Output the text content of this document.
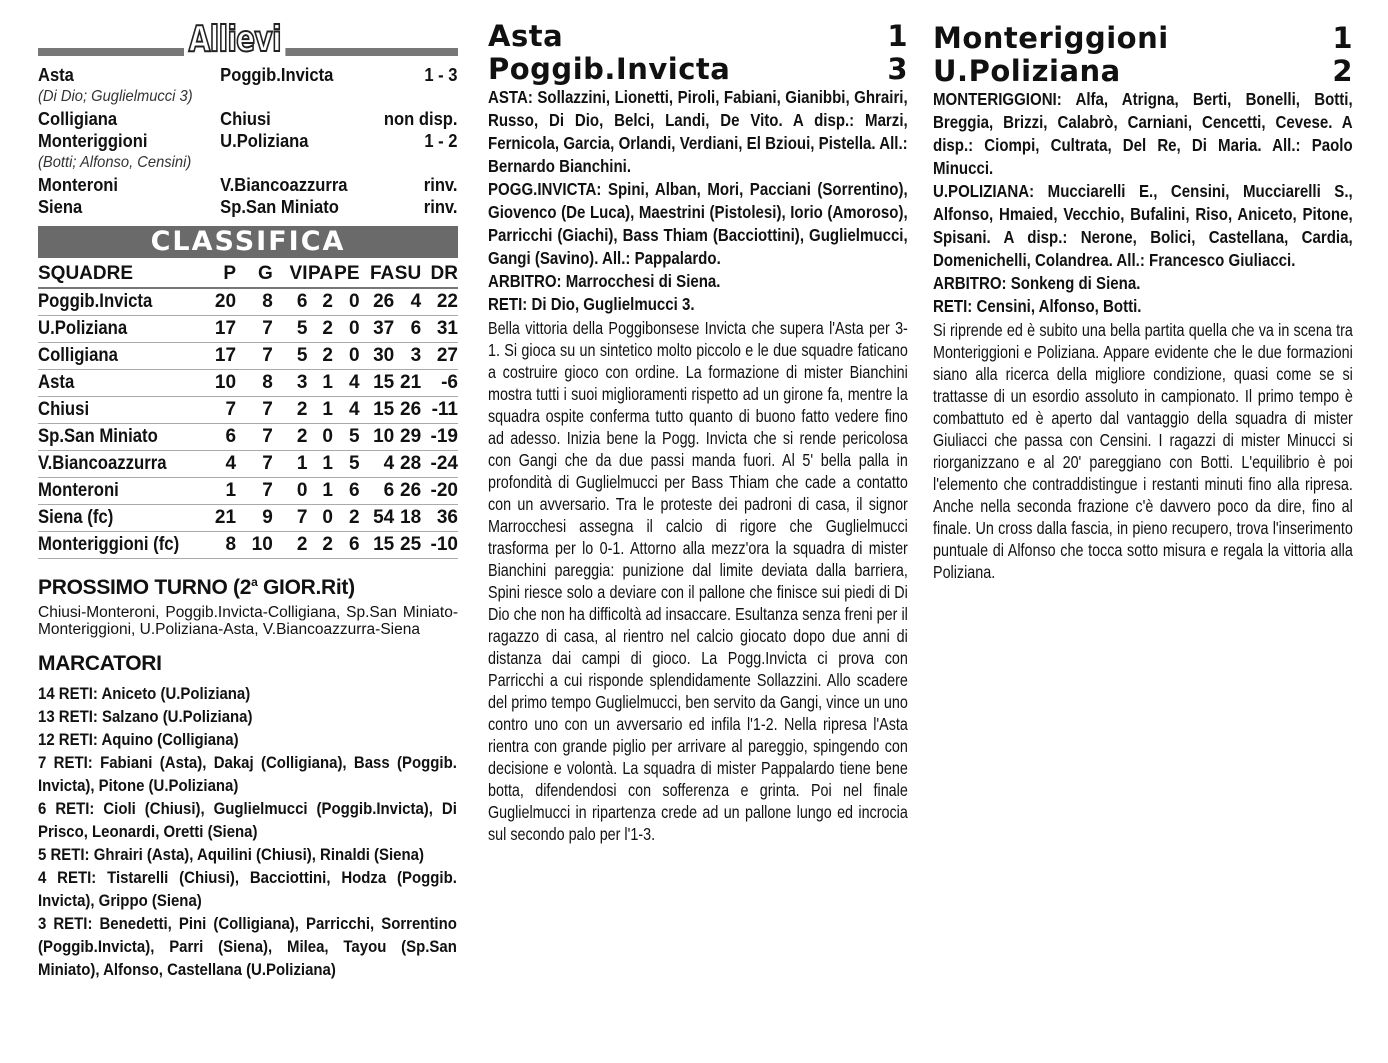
Allievi
Asta	Poggib.Invicta	1 - 3
(Di Dio; Guglielmucci 3)
Colligiana	Chiusi	non disp.
Monteriggioni	U.Poliziana	1 - 2
(Botti; Alfonso, Censini)
Monteroni	V.Biancoazzurra	rinv.
Siena	Sp.San Miniato	rinv.
CLASSIFICA
SQUADRE	P	G	VI	PA	PE	FA	SU	DR
Poggib.Invicta	20	8	6	2	0	26	4	22
U.Poliziana	17	7	5	2	0	37	6	31
Colligiana	17	7	5	2	0	30	3	27
Asta	10	8	3	1	4	15	21	-6
Chiusi	7	7	2	1	4	15	26	-11
Sp.San Miniato	6	7	2	0	5	10	29	-19
V.Biancoazzurra	4	7	1	1	5	4	28	-24
Monteroni	1	7	0	1	6	6	26	-20
Siena (fc)	21	9	7	0	2	54	18	36
Monteriggioni (fc)	8	10	2	2	6	15	25	-10
PROSSIMO TURNO (2$^a$ GIOR.Rit)
Chiusi-Monteroni, Poggib.Invicta-Colligiana, Sp.San Miniato-Monteriggioni, U.Poliziana-Asta, V.Biancoazzurra-Siena
MARCATORI
14 RETI: Aniceto (U.Poliziana)
13 RETI: Salzano (U.Poliziana)
12 RETI: Aquino (Colligiana)
7 RETI: Fabiani (Asta), Dakaj (Colligiana), Bass (Poggib. Invicta), Pitone (U.Poliziana)
6 RETI: Cioli (Chiusi), Guglielmucci (Poggib.Invicta), Di Prisco, Leonardi, Oretti (Siena)
5 RETI: Ghrairi (Asta), Aquilini (Chiusi), Rinaldi (Siena)
4 RETI: Tistarelli (Chiusi), Bacciottini, Hodza (Poggib. Invicta), Grippo (Siena)
3 RETI: Benedetti, Pini (Colligiana), Parricchi, Sorrentino (Poggib.Invicta), Parri (Siena), Milea, Tayou (Sp.San Miniato), Alfonso, Castellana (U.Poliziana)
Asta	1
Poggib.Invicta	3
ASTA: Sollazzini, Lionetti, Piroli, Fabiani, Gianibbi, Ghrairi, Russo, Di Dio, Belci, Landi, De Vito. A disp.: Marzi, Fernicola, Garcia, Orlandi, Verdiani, El Bzioui, Pistella. All.: Bernardo Bianchini.
POGG.INVICTA: Spini, Alban, Mori, Pacciani (Sorrentino), Giovenco (De Luca), Maestrini (Pistolesi), Iorio (Amoroso), Parricchi (Giachi), Bass Thiam (Bacciottini), Guglielmucci, Gangi (Savino). All.: Pappalardo.
ARBITRO: Marrocchesi di Siena.
RETI: Di Dio, Guglielmucci 3.
Bella vittoria della Poggibonsese Invicta che supera l'Asta per 3-1. Si gioca su un sintetico molto piccolo e le due squadre faticano a costruire gioco con ordine. La formazione di mister Bianchini mostra tutti i suoi miglioramenti rispetto ad un girone fa, mentre la squadra ospite conferma tutto quanto di buono fatto vedere fino ad adesso. Inizia bene la Pogg. Invicta che si rende pericolosa con Gangi che da due passi manda fuori. Al 5' bella palla in profondità di Guglielmucci per Bass Thiam che cade a contatto con un avversario. Tra le proteste dei padroni di casa, il signor Marrocchesi assegna il calcio di rigore che Guglielmucci trasforma per lo 0-1. Attorno alla mezz'ora la squadra di mister Bianchini pareggia: punizione dal limite deviata dalla barriera, Spini riesce solo a deviare con il pallone che finisce sui piedi di Di Dio che non ha difficoltà ad insaccare. Esultanza senza freni per il ragazzo di casa, al rientro nel calcio giocato dopo due anni di distanza dai campi di gioco. La Pogg.Invicta ci prova con Parricchi a cui risponde splendidamente Sollazzini. Allo scadere del primo tempo Guglielmucci, ben servito da Gangi, vince un uno contro uno con un avversario ed infila l'1-2. Nella ripresa l'Asta rientra con grande piglio per arrivare al pareggio, spingendo con decisione e volontà. La squadra di mister Pappalardo tiene bene botta, difendendosi con sofferenza e grinta. Poi nel finale Guglielmucci in ripartenza crede ad un pallone lungo ed incrocia sul secondo palo per l'1-3.
Monteriggioni	1
U.Poliziana	2
MONTERIGGIONI: Alfa, Atrigna, Berti, Bonelli, Botti, Breggia, Brizzi, Calabrò, Carniani, Cencetti, Cevese. A disp.: Ciompi, Cultrata, Del Re, Di Maria. All.: Paolo Minucci.
U.POLIZIANA: Mucciarelli E., Censini, Mucciarelli S., Alfonso, Hmaied, Vecchio, Bufalini, Riso, Aniceto, Pitone, Spisani. A disp.: Nerone, Bolici, Castellana, Cardia, Domenichelli, Colandrea. All.: Francesco Giuliacci.
ARBITRO: Sonkeng di Siena.
RETI: Censini, Alfonso, Botti.
Si riprende ed è subito una bella partita quella che va in scena tra Monteriggioni e Poliziana. Appare evidente che le due formazioni siano alla ricerca della migliore condizione, quasi come se si trattasse di un esordio assoluto in campionato. Il primo tempo è combattuto ed è aperto dal vantaggio della squadra di mister Giuliacci che passa con Censini. I ragazzi di mister Minucci si riorganizzano e al 20' pareggiano con Botti. L'equilibrio è poi l'elemento che contraddistingue i restanti minuti fino alla ripresa. Anche nella seconda frazione c'è davvero poco da dire, fino al finale. Un cross dalla fascia, in pieno recupero, trova l'inserimento puntuale di Alfonso che tocca sotto misura e regala la vittoria alla Poliziana.
